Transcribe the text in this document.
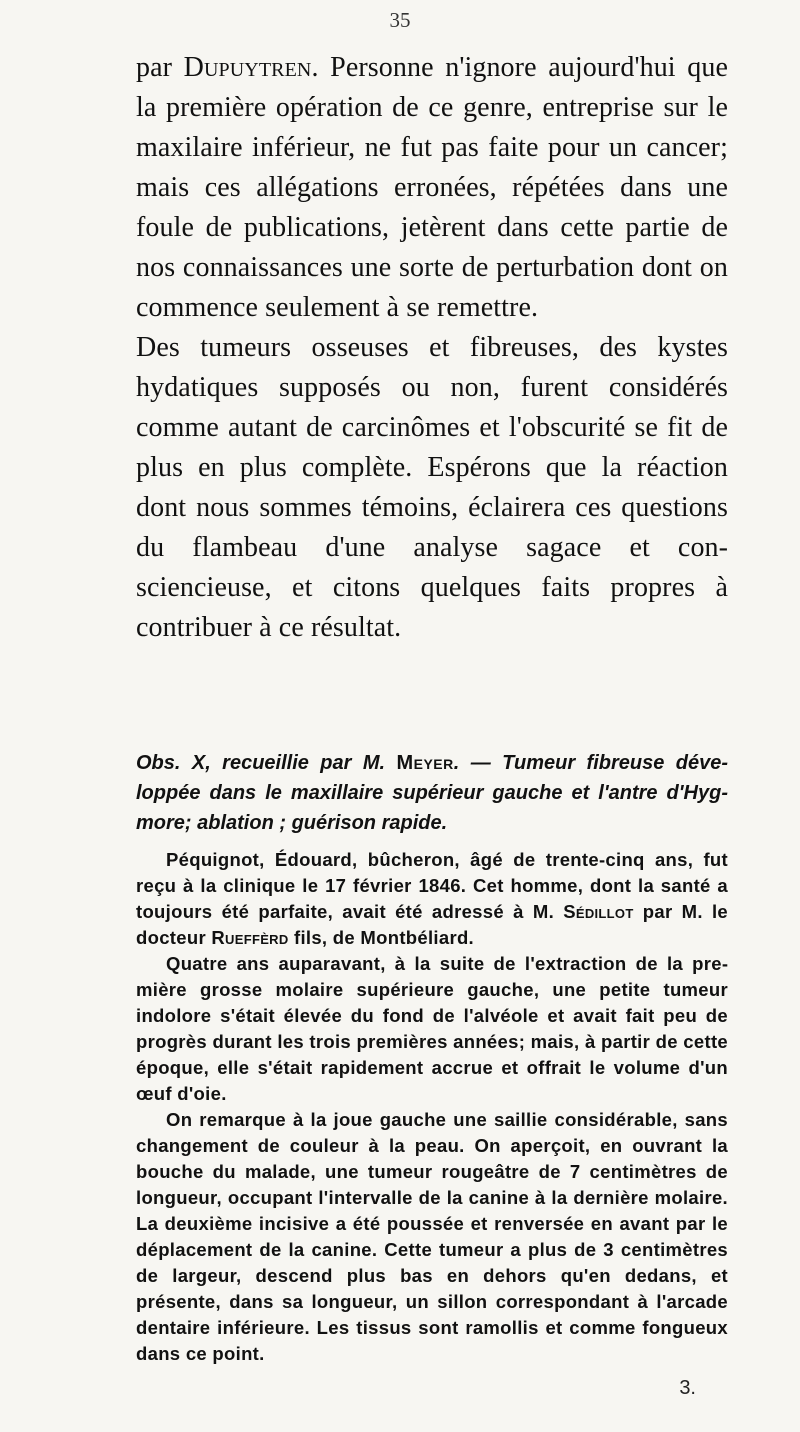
35

par Dupuytren. Personne n'ignore aujourd'hui que la première opération de ce genre, entreprise sur le maxilaire inférieur, ne fut pas faite pour un cancer; mais ces allégations erronées, répétées dans une foule de publications, jetèrent dans cette partie de nos connaissances une sorte de perturbation dont on commence seulement à se remettre.

Des tumeurs osseuses et fibreuses, des kystes hydatiques supposés ou non, furent considérés comme autant de carcinômes et l'obscurité se fit de plus en plus complète. Espérons que la réaction dont nous sommes témoins, éclairera ces questions du flambeau d'une analyse sagace et consciencieuse, et citons quelques faits propres à contribuer à ce résultat.

Obs. X, recueillie par M. Meyer. — Tumeur fibreuse développée dans le maxillaire supérieur gauche et l'antre d'Hygmore; ablation ; guérison rapide.

Péquignot, Édouard, bûcheron, âgé de trente-cinq ans, fut reçu à la clinique le 17 février 1846. Cet homme, dont la santé a toujours été parfaite, avait été adressé à M. Sédillot par M. le docteur Rueffèrd fils, de Montbéliard.

Quatre ans auparavant, à la suite de l'extraction de la première grosse molaire supérieure gauche, une petite tumeur indolore s'était élevée du fond de l'alvéole et avait fait peu de progrès durant les trois premières années; mais, à partir de cette époque, elle s'était rapidement accrue et offrait le volume d'un œuf d'oie.

On remarque à la joue gauche une saillie considérable, sans changement de couleur à la peau. On aperçoit, en ouvrant la bouche du malade, une tumeur rougeâtre de 7 centimètres de longueur, occupant l'intervalle de la canine à la dernière molaire. La deuxième incisive a été poussée et renversée en avant par le déplacement de la canine. Cette tumeur a plus de 3 centimètres de largeur, descend plus bas en dehors qu'en dedans, et présente, dans sa longueur, un sillon correspondant à l'arcade dentaire inférieure. Les tissus sont ramollis et comme fongueux dans ce point.

3.
